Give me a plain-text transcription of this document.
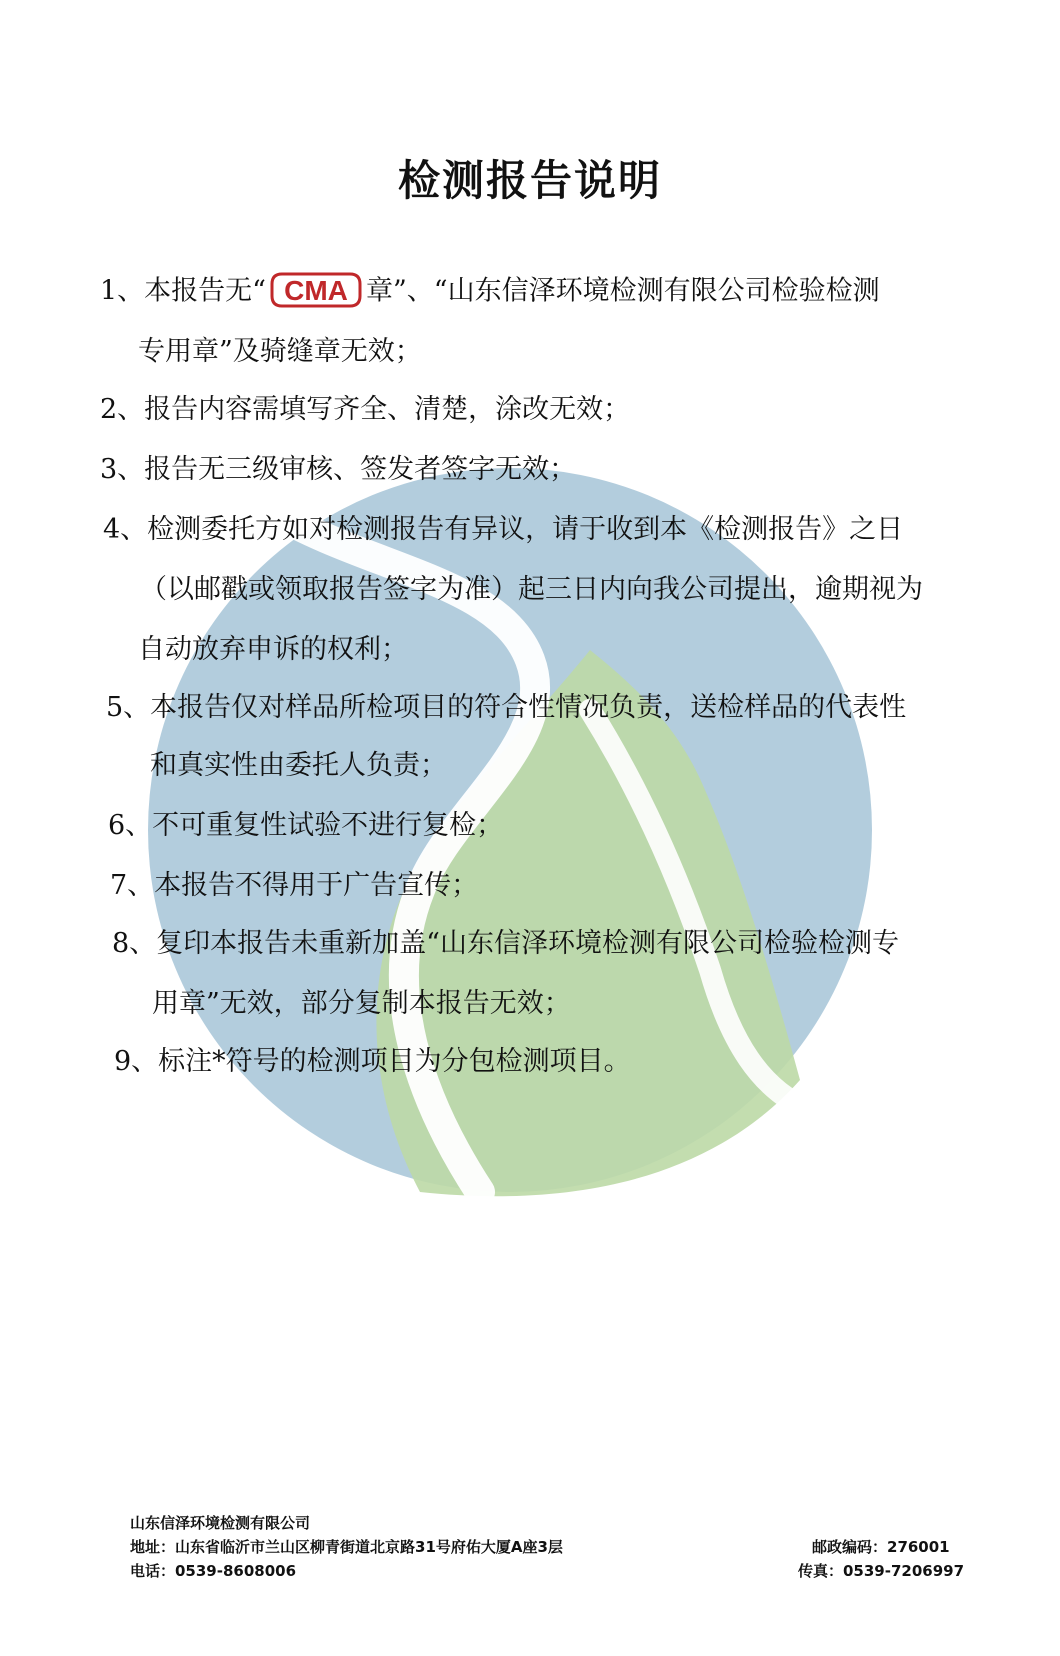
检测报告说明
1、本报告无“ CMA 章”、“山东信泽环境检测有限公司检验检测
专用章”及骑缝章无效；
2、报告内容需填写齐全、清楚，涂改无效；
3、报告无三级审核、签发者签字无效；
4、检测委托方如对检测报告有异议，请于收到本《检测报告》之日
（以邮戳或领取报告签字为准）起三日内向我公司提出，逾期视为
自动放弃申诉的权利；
5、本报告仅对样品所检项目的符合性情况负责，送检样品的代表性
和真实性由委托人负责；
6、不可重复性试验不进行复检；
7、本报告不得用于广告宣传；
8、复印本报告未重新加盖“山东信泽环境检测有限公司检验检测专
用章”无效，部分复制本报告无效；
9、标注*符号的检测项目为分包检测项目。
山东信泽环境检测有限公司
地址：山东省临沂市兰山区柳青街道北京路31号府佑大厦A座3层
电话：0539-8608006
邮政编码：276001
传真：0539-7206997
